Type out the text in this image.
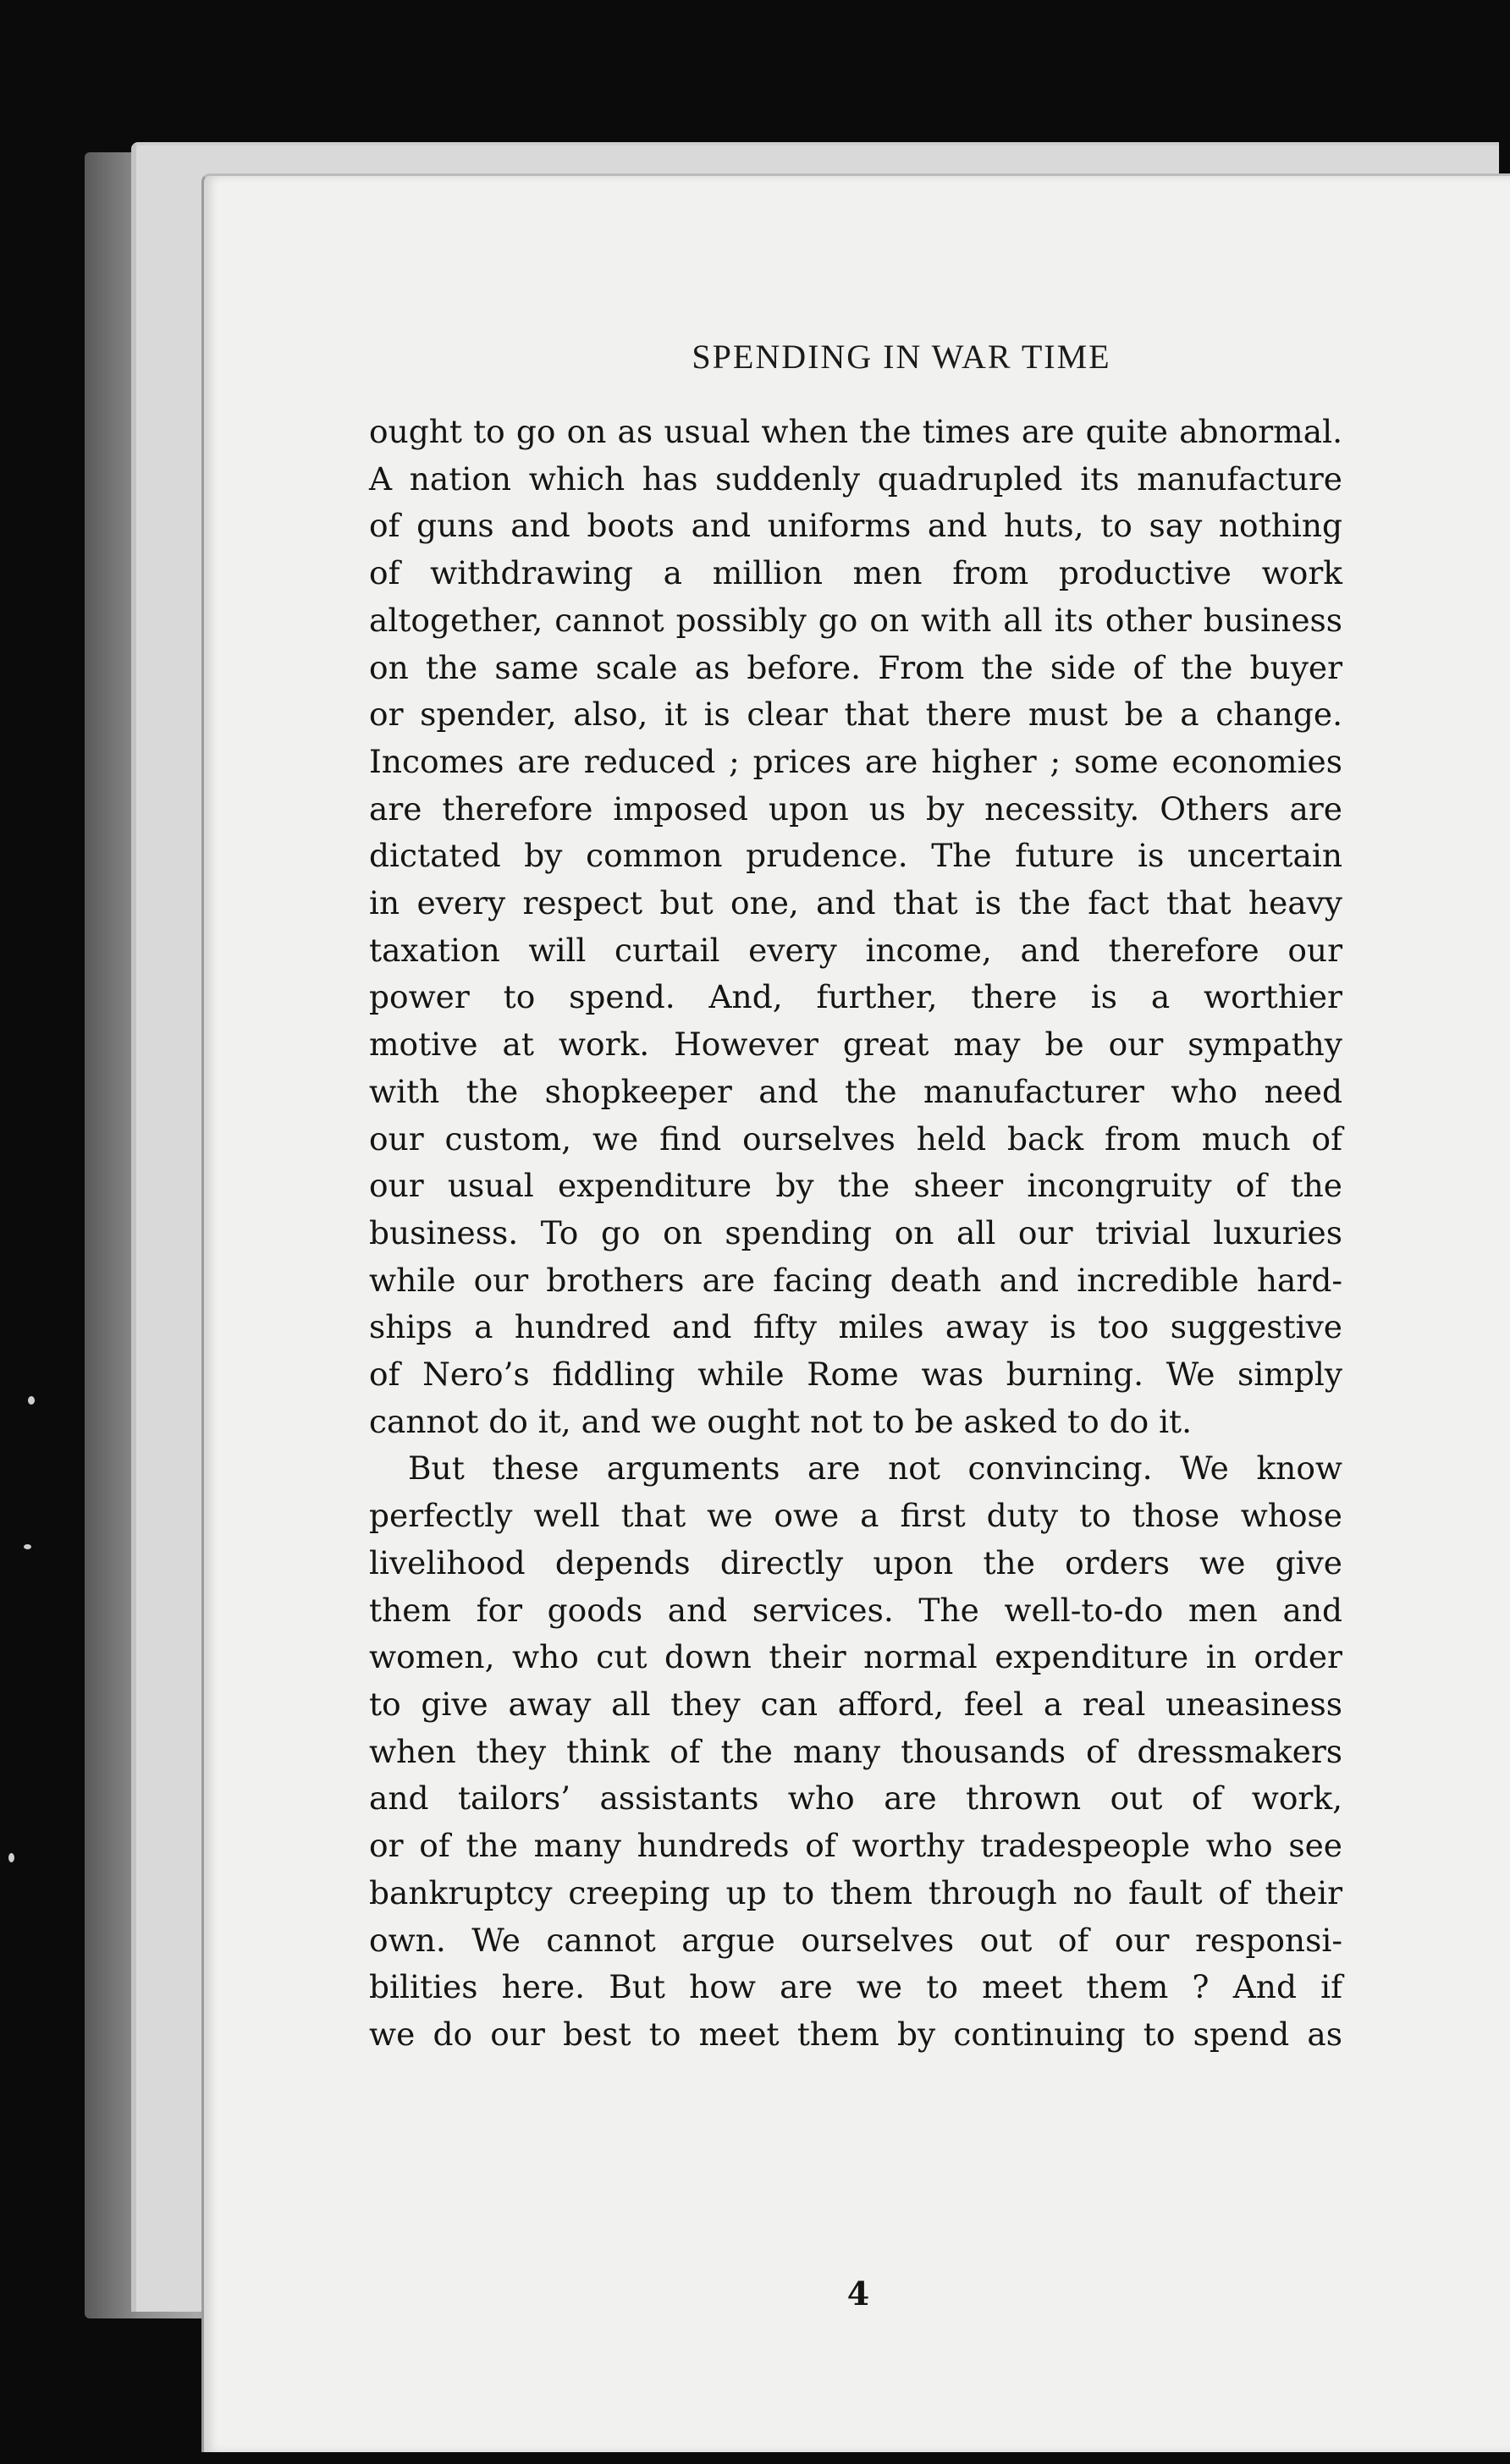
SPENDING IN WAR TIME
ought to go on as usual when the times are quite abnormal.
A nation which has suddenly quadrupled its manufacture
of guns and boots and uniforms and huts, to say nothing
of withdrawing a million men from productive work
altogether, cannot possibly go on with all its other business
on the same scale as before. From the side of the buyer
or spender, also, it is clear that there must be a change.
Incomes are reduced ; prices are higher ; some economies
are therefore imposed upon us by necessity. Others are
dictated by common prudence. The future is uncertain
in every respect but one, and that is the fact that heavy
taxation will curtail every income, and therefore our
power to spend. And, further, there is a worthier
motive at work. However great may be our sympathy
with the shopkeeper and the manufacturer who need
our custom, we find ourselves held back from much of
our usual expenditure by the sheer incongruity of the
business. To go on spending on all our trivial luxuries
while our brothers are facing death and incredible hard-
ships a hundred and fifty miles away is too suggestive
of Nero’s fiddling while Rome was burning. We simply
cannot do it, and we ought not to be asked to do it.
But these arguments are not convincing. We know
perfectly well that we owe a first duty to those whose
livelihood depends directly upon the orders we give
them for goods and services. The well-to-do men and
women, who cut down their normal expenditure in order
to give away all they can afford, feel a real uneasiness
when they think of the many thousands of dressmakers
and tailors’ assistants who are thrown out of work,
or of the many hundreds of worthy tradespeople who see
bankruptcy creeping up to them through no fault of their
own. We cannot argue ourselves out of our responsi-
bilities here. But how are we to meet them ? And if
we do our best to meet them by continuing to spend as
4
